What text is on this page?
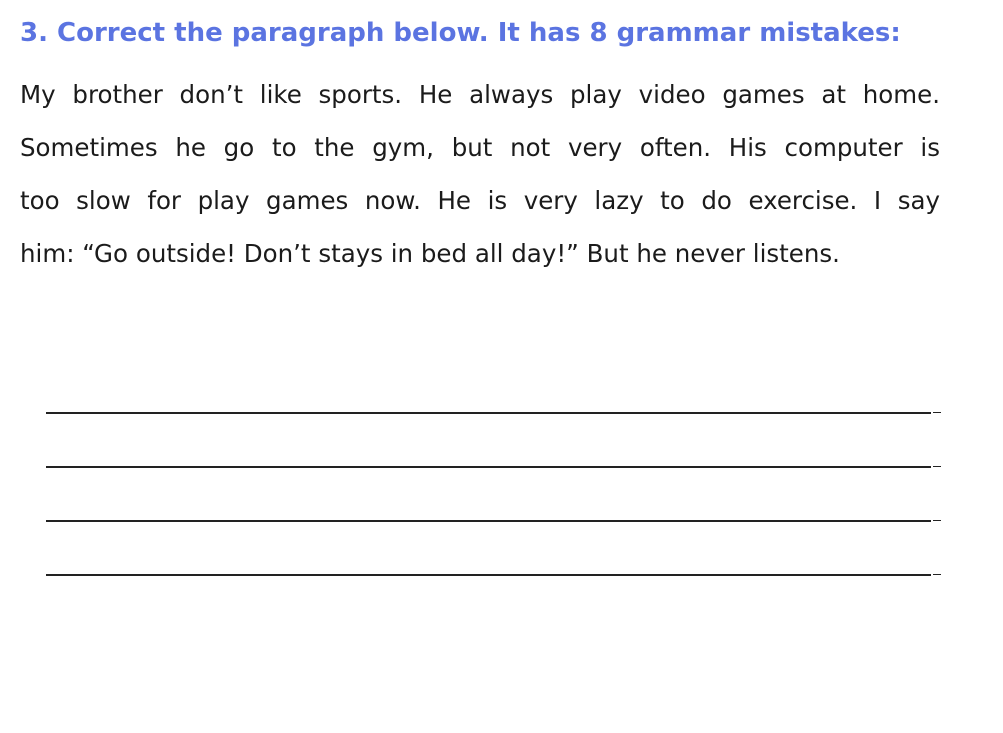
3. Correct the paragraph below. It has 8 grammar mistakes:
My brother don’t like sports. He always play video games at home.
Sometimes he go to the gym, but not very often. His computer is
too slow for play games now. He is very lazy to do exercise. I say
him: “Go outside! Don’t stays in bed all day!” But he never listens.
